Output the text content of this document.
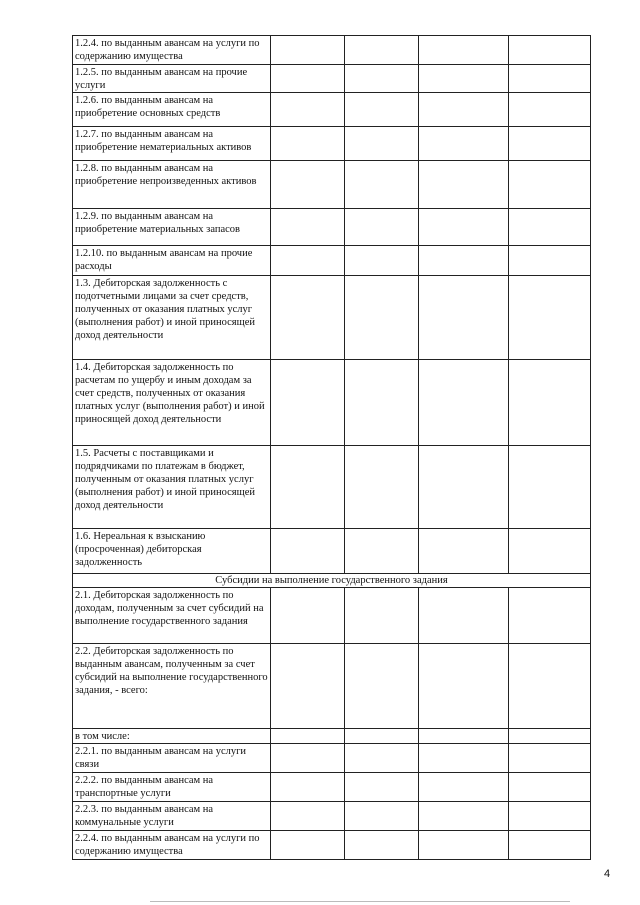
1.2.4. по выданным авансам на услуги по содержанию имущества				
1.2.5. по выданным авансам на прочие услуги				
1.2.6. по выданным авансам на приобретение основных средств				
1.2.7. по выданным авансам на приобретение нематериальных активов				
1.2.8. по выданным авансам на приобретение непроизведенных активов				
1.2.9. по выданным авансам на приобретение материальных запасов				
1.2.10. по выданным авансам на прочие расходы				
1.3. Дебиторская задолженность с подотчетными лицами за счет средств, полученных от оказания платных услуг (выполнения работ) и иной приносящей доход деятельности				
1.4. Дебиторская задолженность по расчетам по ущербу и иным доходам за счет средств, полученных от оказания платных услуг (выполнения работ) и иной приносящей доход деятельности				
1.5. Расчеты с поставщиками и подрядчиками по платежам в бюджет, полученным от оказания платных услуг (выполнения работ) и иной приносящей доход деятельности				
1.6. Нереальная к взысканию (просроченная) дебиторская задолженность				
Субсидии на выполнение государственного задания				
2.1. Дебиторская задолженность по доходам, полученным за счет субсидий на выполнение государственного задания				
2.2. Дебиторская задолженность по выданным авансам, полученным за счет субсидий на выполнение государственного задания, - всего:				
в том числе:				
2.2.1. по выданным авансам на услуги связи				
2.2.2. по выданным авансам на транспортные услуги				
2.2.3. по выданным авансам на коммунальные услуги				
2.2.4. по выданным авансам на услуги по содержанию имущества				
4
